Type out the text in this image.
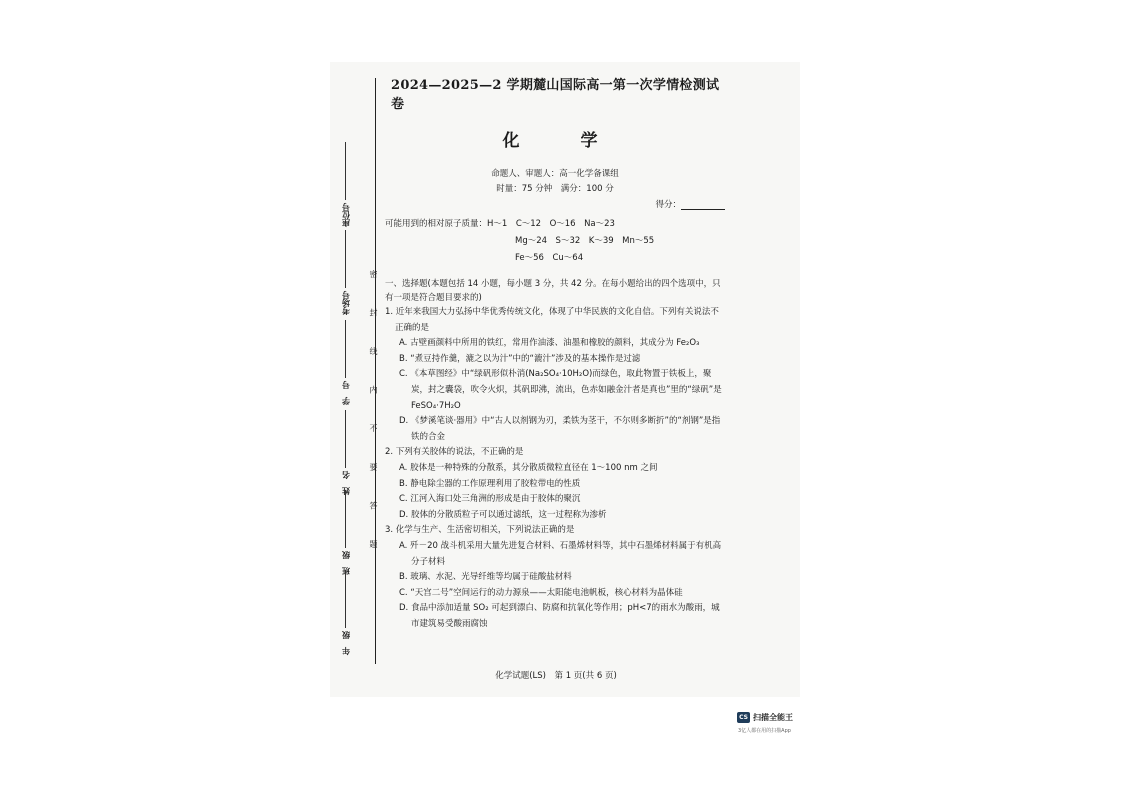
座位号
考场号
学　号
姓　名
班　级
年　级
密 封 线 内 不 要 答 题
2024—2025—2 学期麓山国际高一第一次学情检测试卷
化　学
命题人、审题人：高一化学备课组
时量：75 分钟　满分：100 分
得分：
可能用到的相对原子质量：H～1　C～12　O～16　Na～23
Mg～24　S～32　K～39　Mn～55
Fe～56　Cu～64
一、选择题(本题包括 14 小题，每小题 3 分，共 42 分。在每小题给出的四个选项中，只有一项是符合题目要求的)
1. 近年来我国大力弘扬中华优秀传统文化，体现了中华民族的文化自信。下列有关说法不正确的是
A. 古壁画颜料中所用的铁红，常用作油漆、油墨和橡胶的颜料，其成分为 Fe₂O₃
B. “煮豆持作羹，漉之以为汁”中的“漉汁”涉及的基本操作是过滤
C. 《本草图经》中“绿矾形似朴消(Na₂SO₄·10H₂O)而绿色，取此物置于铁板上，聚炭，封之囊袋，吹令火炽，其矾即沸，流出，色赤如融金汁者是真也”里的“绿矾”是 FeSO₄·7H₂O
D. 《梦溪笔谈·器用》中“古人以剂钢为刃，柔铁为茎干，不尔则多断折”的“剂钢”是指铁的合金
2. 下列有关胶体的说法，不正确的是
A. 胶体是一种特殊的分散系，其分散质微粒直径在 1～100 nm 之间
B. 静电除尘器的工作原理利用了胶粒带电的性质
C. 江河入海口处三角洲的形成是由于胶体的聚沉
D. 胶体的分散质粒子可以通过滤纸，这一过程称为渗析
3. 化学与生产、生活密切相关，下列说法正确的是
A. 歼－20 战斗机采用大量先进复合材料、石墨烯材料等，其中石墨烯材料属于有机高分子材料
B. 玻璃、水泥、光导纤维等均属于硅酸盐材料
C. “天宫二号”空间运行的动力源泉——太阳能电池帆板，核心材料为晶体硅
D. 食品中添加适量 SO₂ 可起到漂白、防腐和抗氧化等作用；pH<7的雨水为酸雨，城市建筑易受酸雨腐蚀
化学试题(LS)　第 1 页(共 6 页)
CS 扫描全能王
3亿人都在用的扫描App
